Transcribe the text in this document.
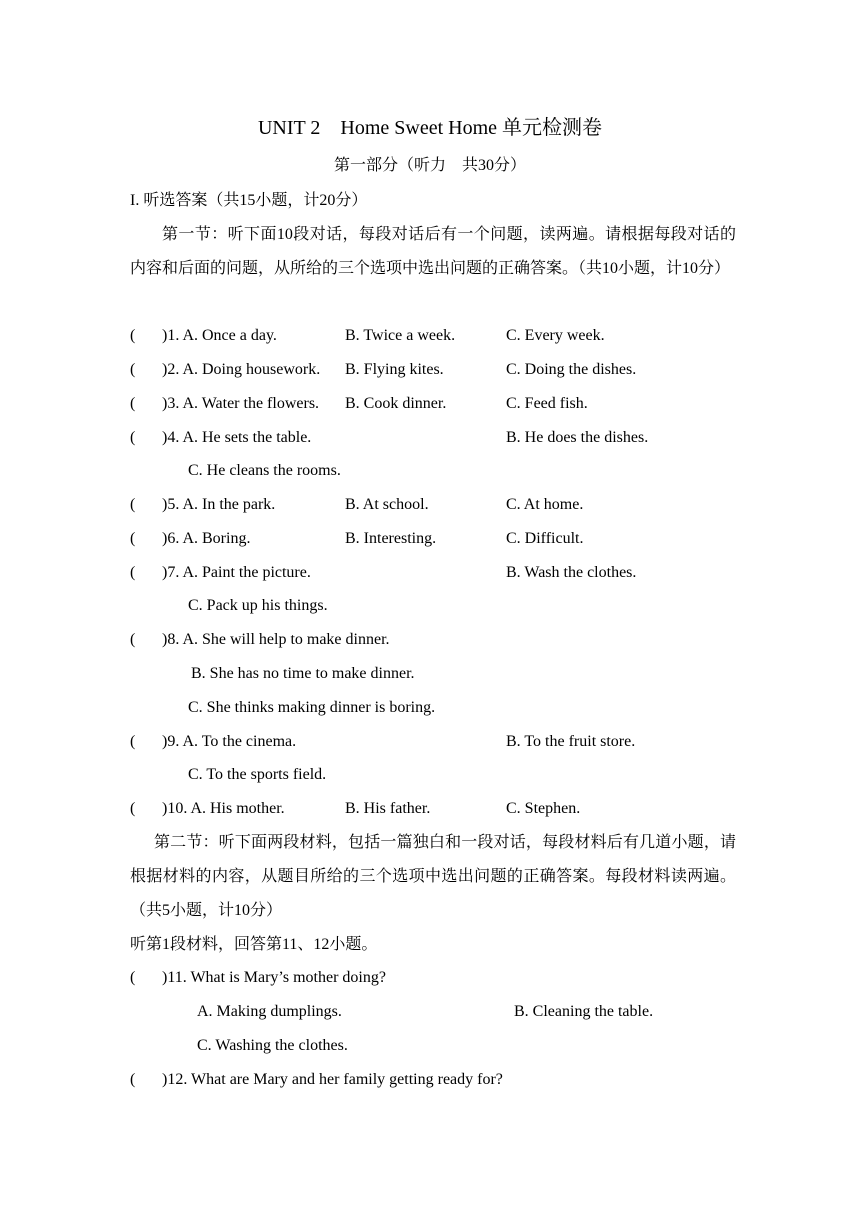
UNIT 2　Home Sweet Home 单元检测卷
第一部分（听力　共30分）
I. 听选答案（共15小题，计20分）
第一节：听下面10段对话，每段对话后有一个问题，读两遍。请根据每段对话的内容和后面的问题，从所给的三个选项中选出问题的正确答案。（共10小题，计10分）
( )1. A. Once a day.	B. Twice a week.	C. Every week.
( )2. A. Doing housework. B. Flying kites.	C. Doing the dishes.
( )3. A. Water the flowers. B. Cook dinner.	C. Feed fish.
( )4. A. He sets the table.	B. He does the dishes.
C. He cleans the rooms.
( )5. A. In the park.	B. At school.	C. At home.
( )6. A. Boring.	B. Interesting.	C. Difficult.
( )7. A. Paint the picture.	B. Wash the clothes.
C. Pack up his things.
( )8. A. She will help to make dinner.
B. She has no time to make dinner.
C. She thinks making dinner is boring.
( )9. A. To the cinema.	B. To the fruit store.
C. To the sports field.
( )10. A. His mother.	B. His father.	C. Stephen.
第二节：听下面两段材料，包括一篇独白和一段对话，每段材料后有几道小题，请根据材料的内容，从题目所给的三个选项中选出问题的正确答案。每段材料读两遍。（共5小题，计10分）
听第1段材料，回答第11、12小题。
( )11. What is Mary’s mother doing?
A. Making dumplings.	B. Cleaning the table.
C. Washing the clothes.
( )12. What are Mary and her family getting ready for?
